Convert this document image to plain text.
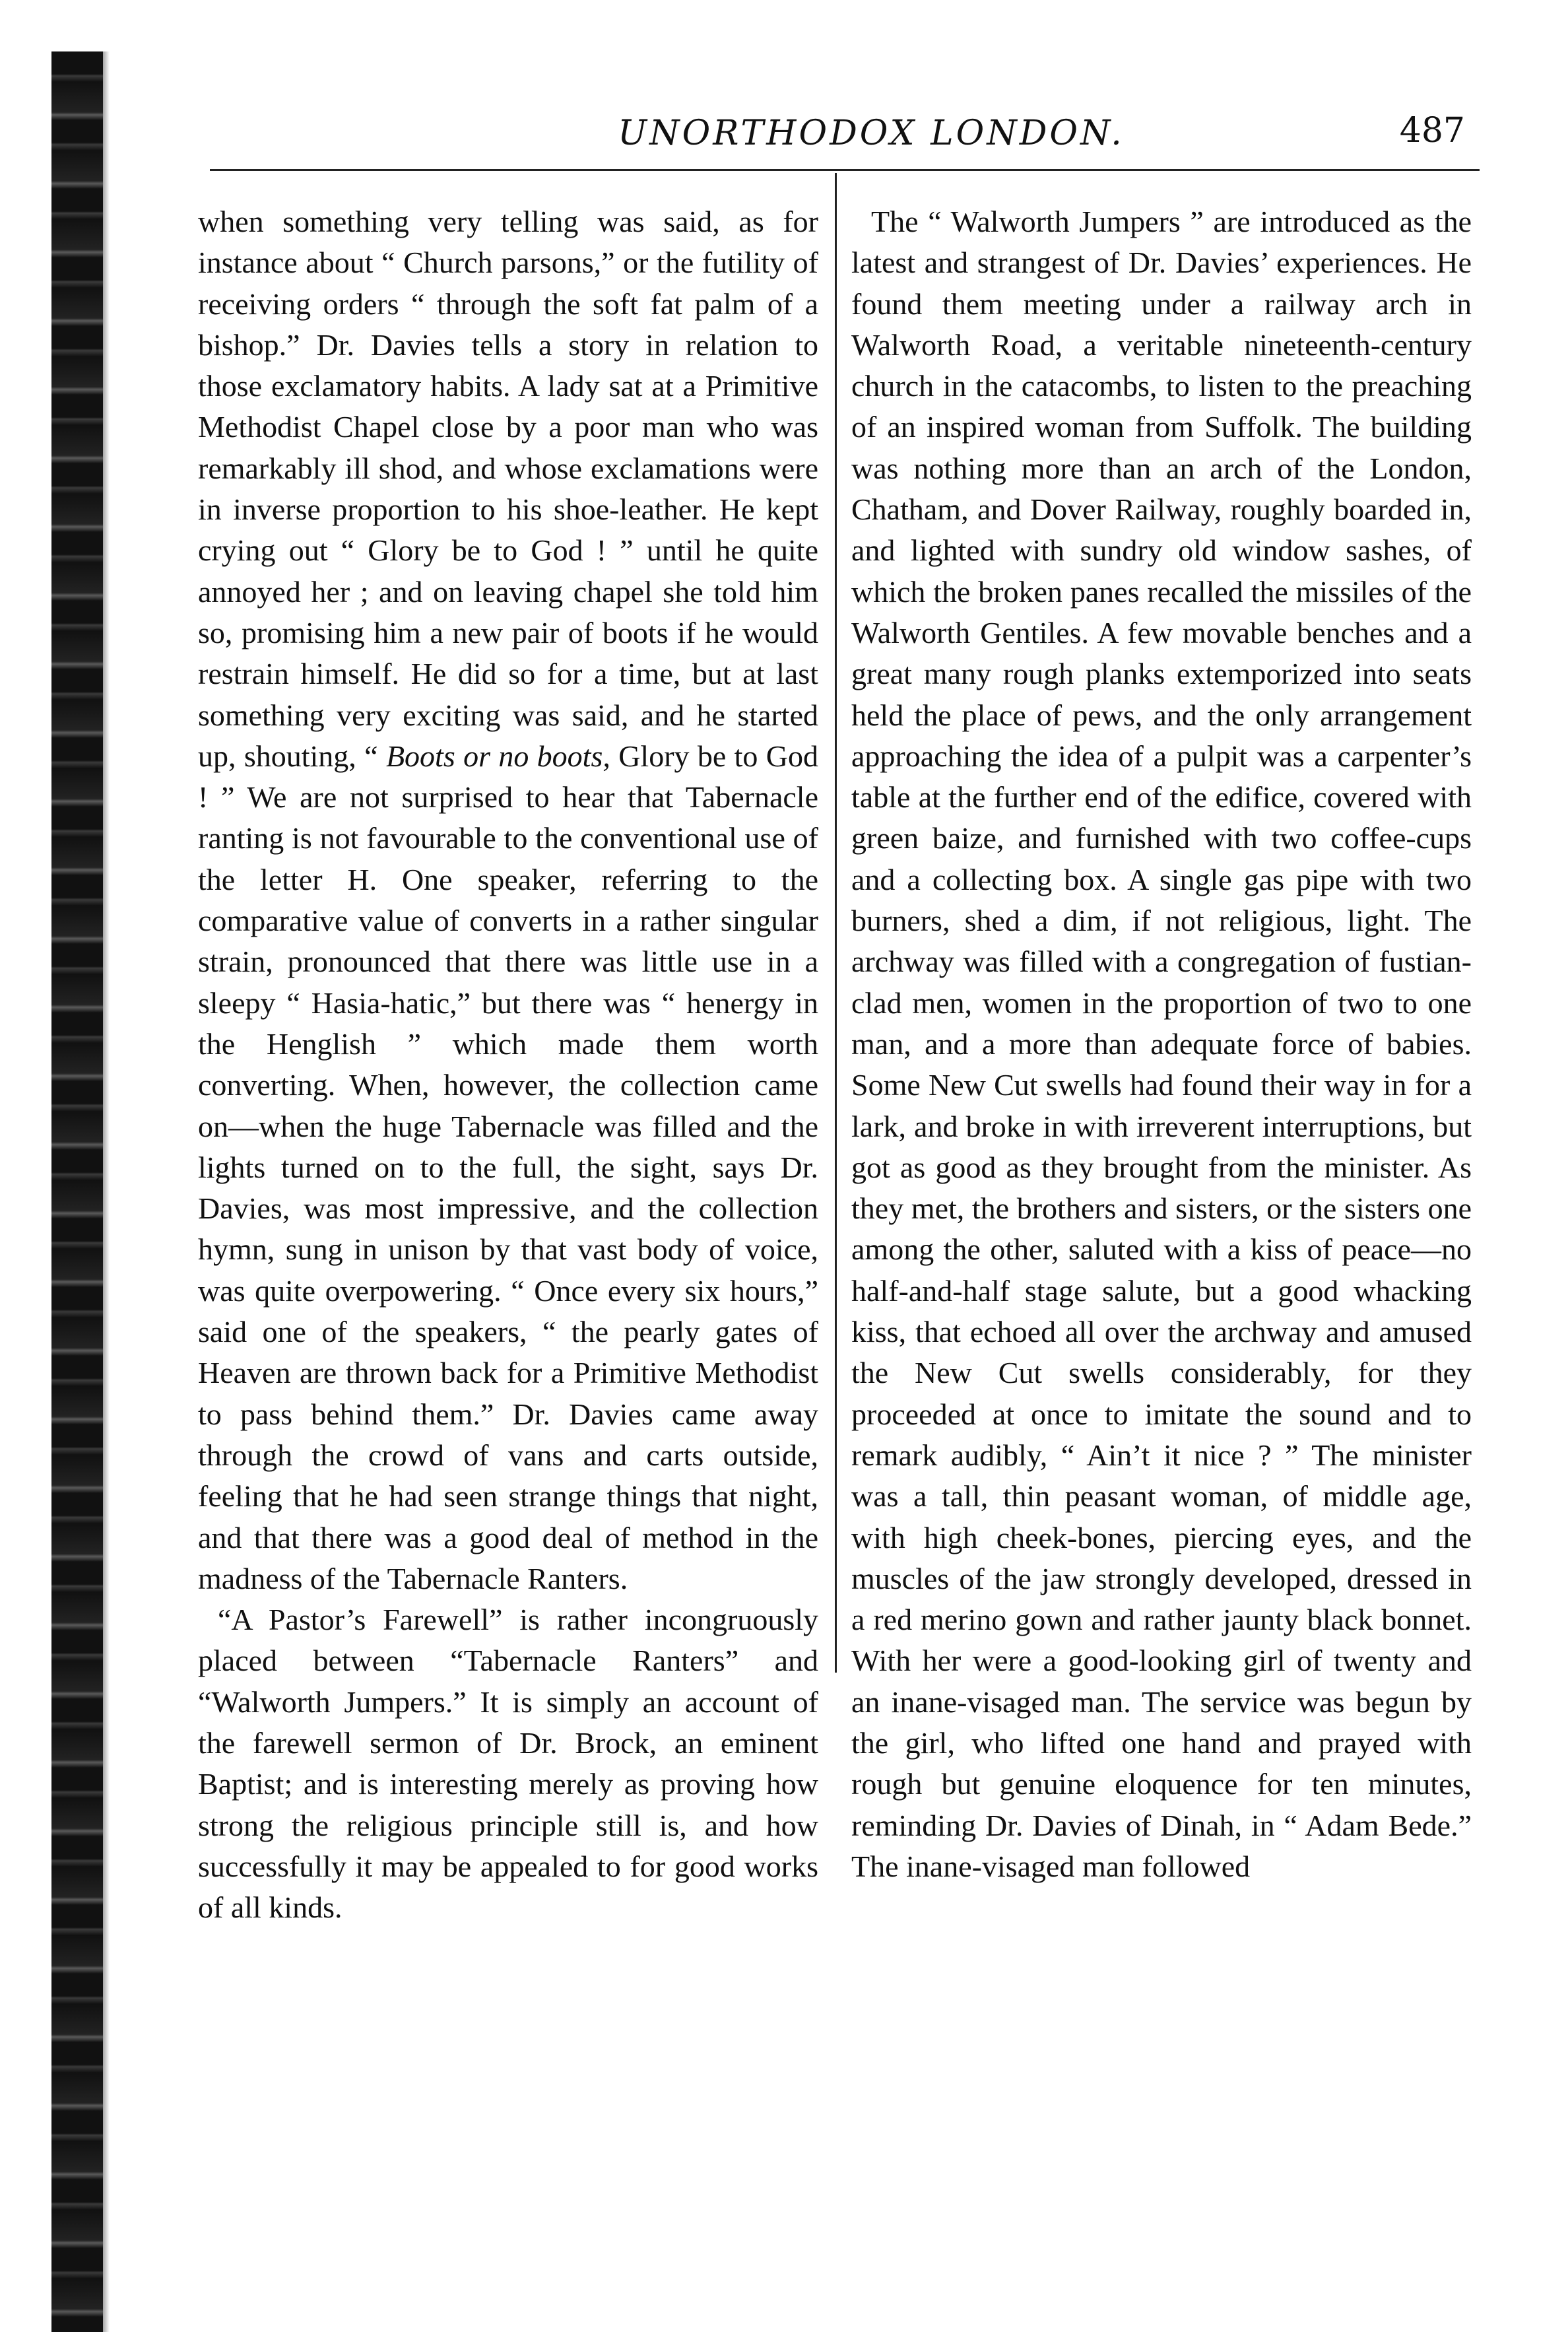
UNORTHODOX LONDON.	487

when something very telling was said, as for instance about “ Church parsons,” or the futility of receiving orders “ through the soft fat palm of a bishop.” Dr. Davies tells a story in relation to those exclamatory habits. A lady sat at a Primitive Methodist Chapel close by a poor man who was remarkably ill shod, and whose exclamations were in inverse proportion to his shoe-leather. He kept crying out “ Glory be to God ! ” until he quite annoyed her ; and on leaving chapel she told him so, promising him a new pair of boots if he would restrain himself. He did so for a time, but at last something very exciting was said, and he started up, shouting, “ Boots or no boots, Glory be to God ! ” We are not surprised to hear that Tabernacle ranting is not favourable to the conventional use of the letter H. One speaker, referring to the comparative value of converts in a rather singular strain, pronounced that there was little use in a sleepy “ Hasia-hatic,” but there was “ henergy in the Henglish ” which made them worth converting. When, however, the collection came on—when the huge Tabernacle was filled and the lights turned on to the full, the sight, says Dr. Davies, was most impressive, and the collection hymn, sung in unison by that vast body of voice, was quite overpowering. “ Once every six hours,” said one of the speakers, “ the pearly gates of Heaven are thrown back for a Primitive Methodist to pass behind them.” Dr. Davies came away through the crowd of vans and carts outside, feeling that he had seen strange things that night, and that there was a good deal of method in the madness of the Tabernacle Ranters.

“A Pastor’s Farewell” is rather incongruously placed between “Tabernacle Ranters” and “Walworth Jumpers.” It is simply an account of the farewell sermon of Dr. Brock, an eminent Baptist; and is interesting merely as proving how strong the religious principle still is, and how successfully it may be appealed to for good works of all kinds.

The “ Walworth Jumpers ” are introduced as the latest and strangest of Dr. Davies’ experiences. He found them meeting under a railway arch in Walworth Road, a veritable nineteenth-century church in the catacombs, to listen to the preaching of an inspired woman from Suffolk. The building was nothing more than an arch of the London, Chatham, and Dover Railway, roughly boarded in, and lighted with sundry old window sashes, of which the broken panes recalled the missiles of the Walworth Gentiles. A few movable benches and a great many rough planks extemporized into seats held the place of pews, and the only arrangement approaching the idea of a pulpit was a carpenter’s table at the further end of the edifice, covered with green baize, and furnished with two coffee-cups and a collecting box. A single gas pipe with two burners, shed a dim, if not religious, light. The archway was filled with a congregation of fustian-clad men, women in the proportion of two to one man, and a more than adequate force of babies. Some New Cut swells had found their way in for a lark, and broke in with irreverent interruptions, but got as good as they brought from the minister. As they met, the brothers and sisters, or the sisters one among the other, saluted with a kiss of peace—no half-and-half stage salute, but a good whacking kiss, that echoed all over the archway and amused the New Cut swells considerably, for they proceeded at once to imitate the sound and to remark audibly, “ Ain’t it nice ? ” The minister was a tall, thin peasant woman, of middle age, with high cheek-bones, piercing eyes, and the muscles of the jaw strongly developed, dressed in a red merino gown and rather jaunty black bonnet. With her were a good-looking girl of twenty and an inane-visaged man. The service was begun by the girl, who lifted one hand and prayed with rough but genuine eloquence for ten minutes, reminding Dr. Davies of Dinah, in “ Adam Bede.” The inane-visaged man followed
